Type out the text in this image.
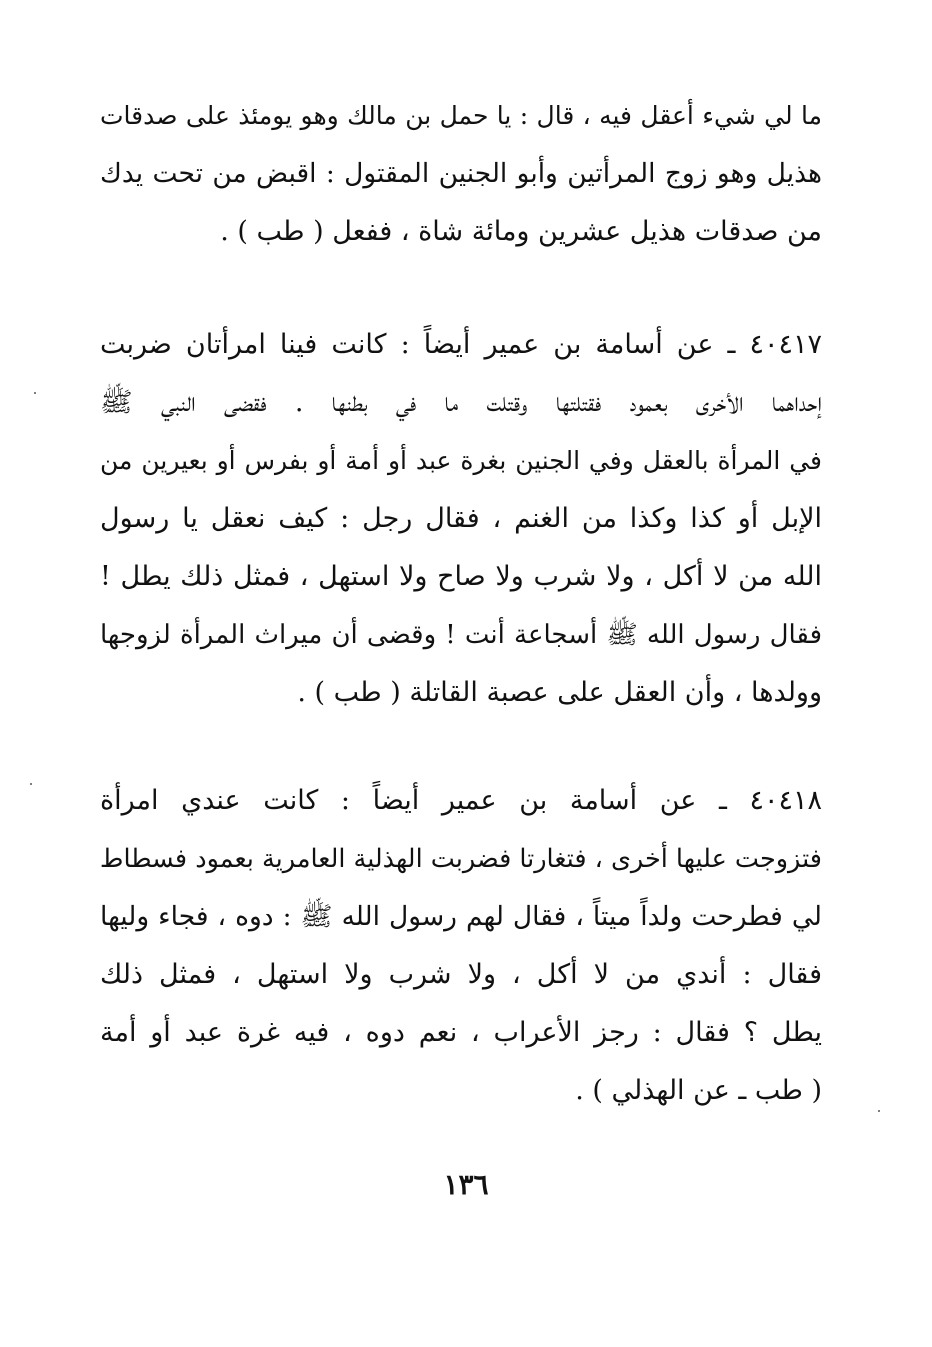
ما لي شيء أعقل فيه ، قال : يا حمل بن مالك وهو يومئذ على صدقات
هذيل وهو زوج المرأتين وأبو الجنين المقتول : اقبض من تحت يدك
من صدقات هذيل عشرين ومائة شاة ، ففعل ( طب ) .
٤٠٤١٧ ـ عن أسامة بن عمير أيضاً : كانت فينا امرأتان ضربت
إحداهما الأخرى بعمود فقتلتها وقتلت ما في بطنها . فقضى النبي ﷺ
في المرأة بالعقل وفي الجنين بغرة عبد أو أمة أو بفرس أو بعيرين من
الإبل أو كذا وكذا من الغنم ، فقال رجل : كيف نعقل يا رسول
الله من لا أكل ، ولا شرب ولا صاح ولا استهل ، فمثل ذلك يطل !
فقال رسول الله ﷺ أسجاعة أنت ! وقضى أن ميراث المرأة لزوجها
وولدها ، وأن العقل على عصبة القاتلة ( طب ) .
٤٠٤١٨ ـ عن أسامة بن عمير أيضاً : كانت عندي امرأة
فتزوجت عليها أخرى ، فتغارتا فضربت الهذلية العامرية بعمود فسطاط
لي فطرحت ولداً ميتاً ، فقال لهم رسول الله ﷺ : دوه ، فجاء وليها
فقال : أندي من لا أكل ، ولا شرب ولا استهل ، فمثل ذلك
يطل ؟ فقال : رجز الأعراب ، نعم دوه ، فيه غرة عبد أو أمة
( طب ـ عن الهذلي ) .
١٣٦
